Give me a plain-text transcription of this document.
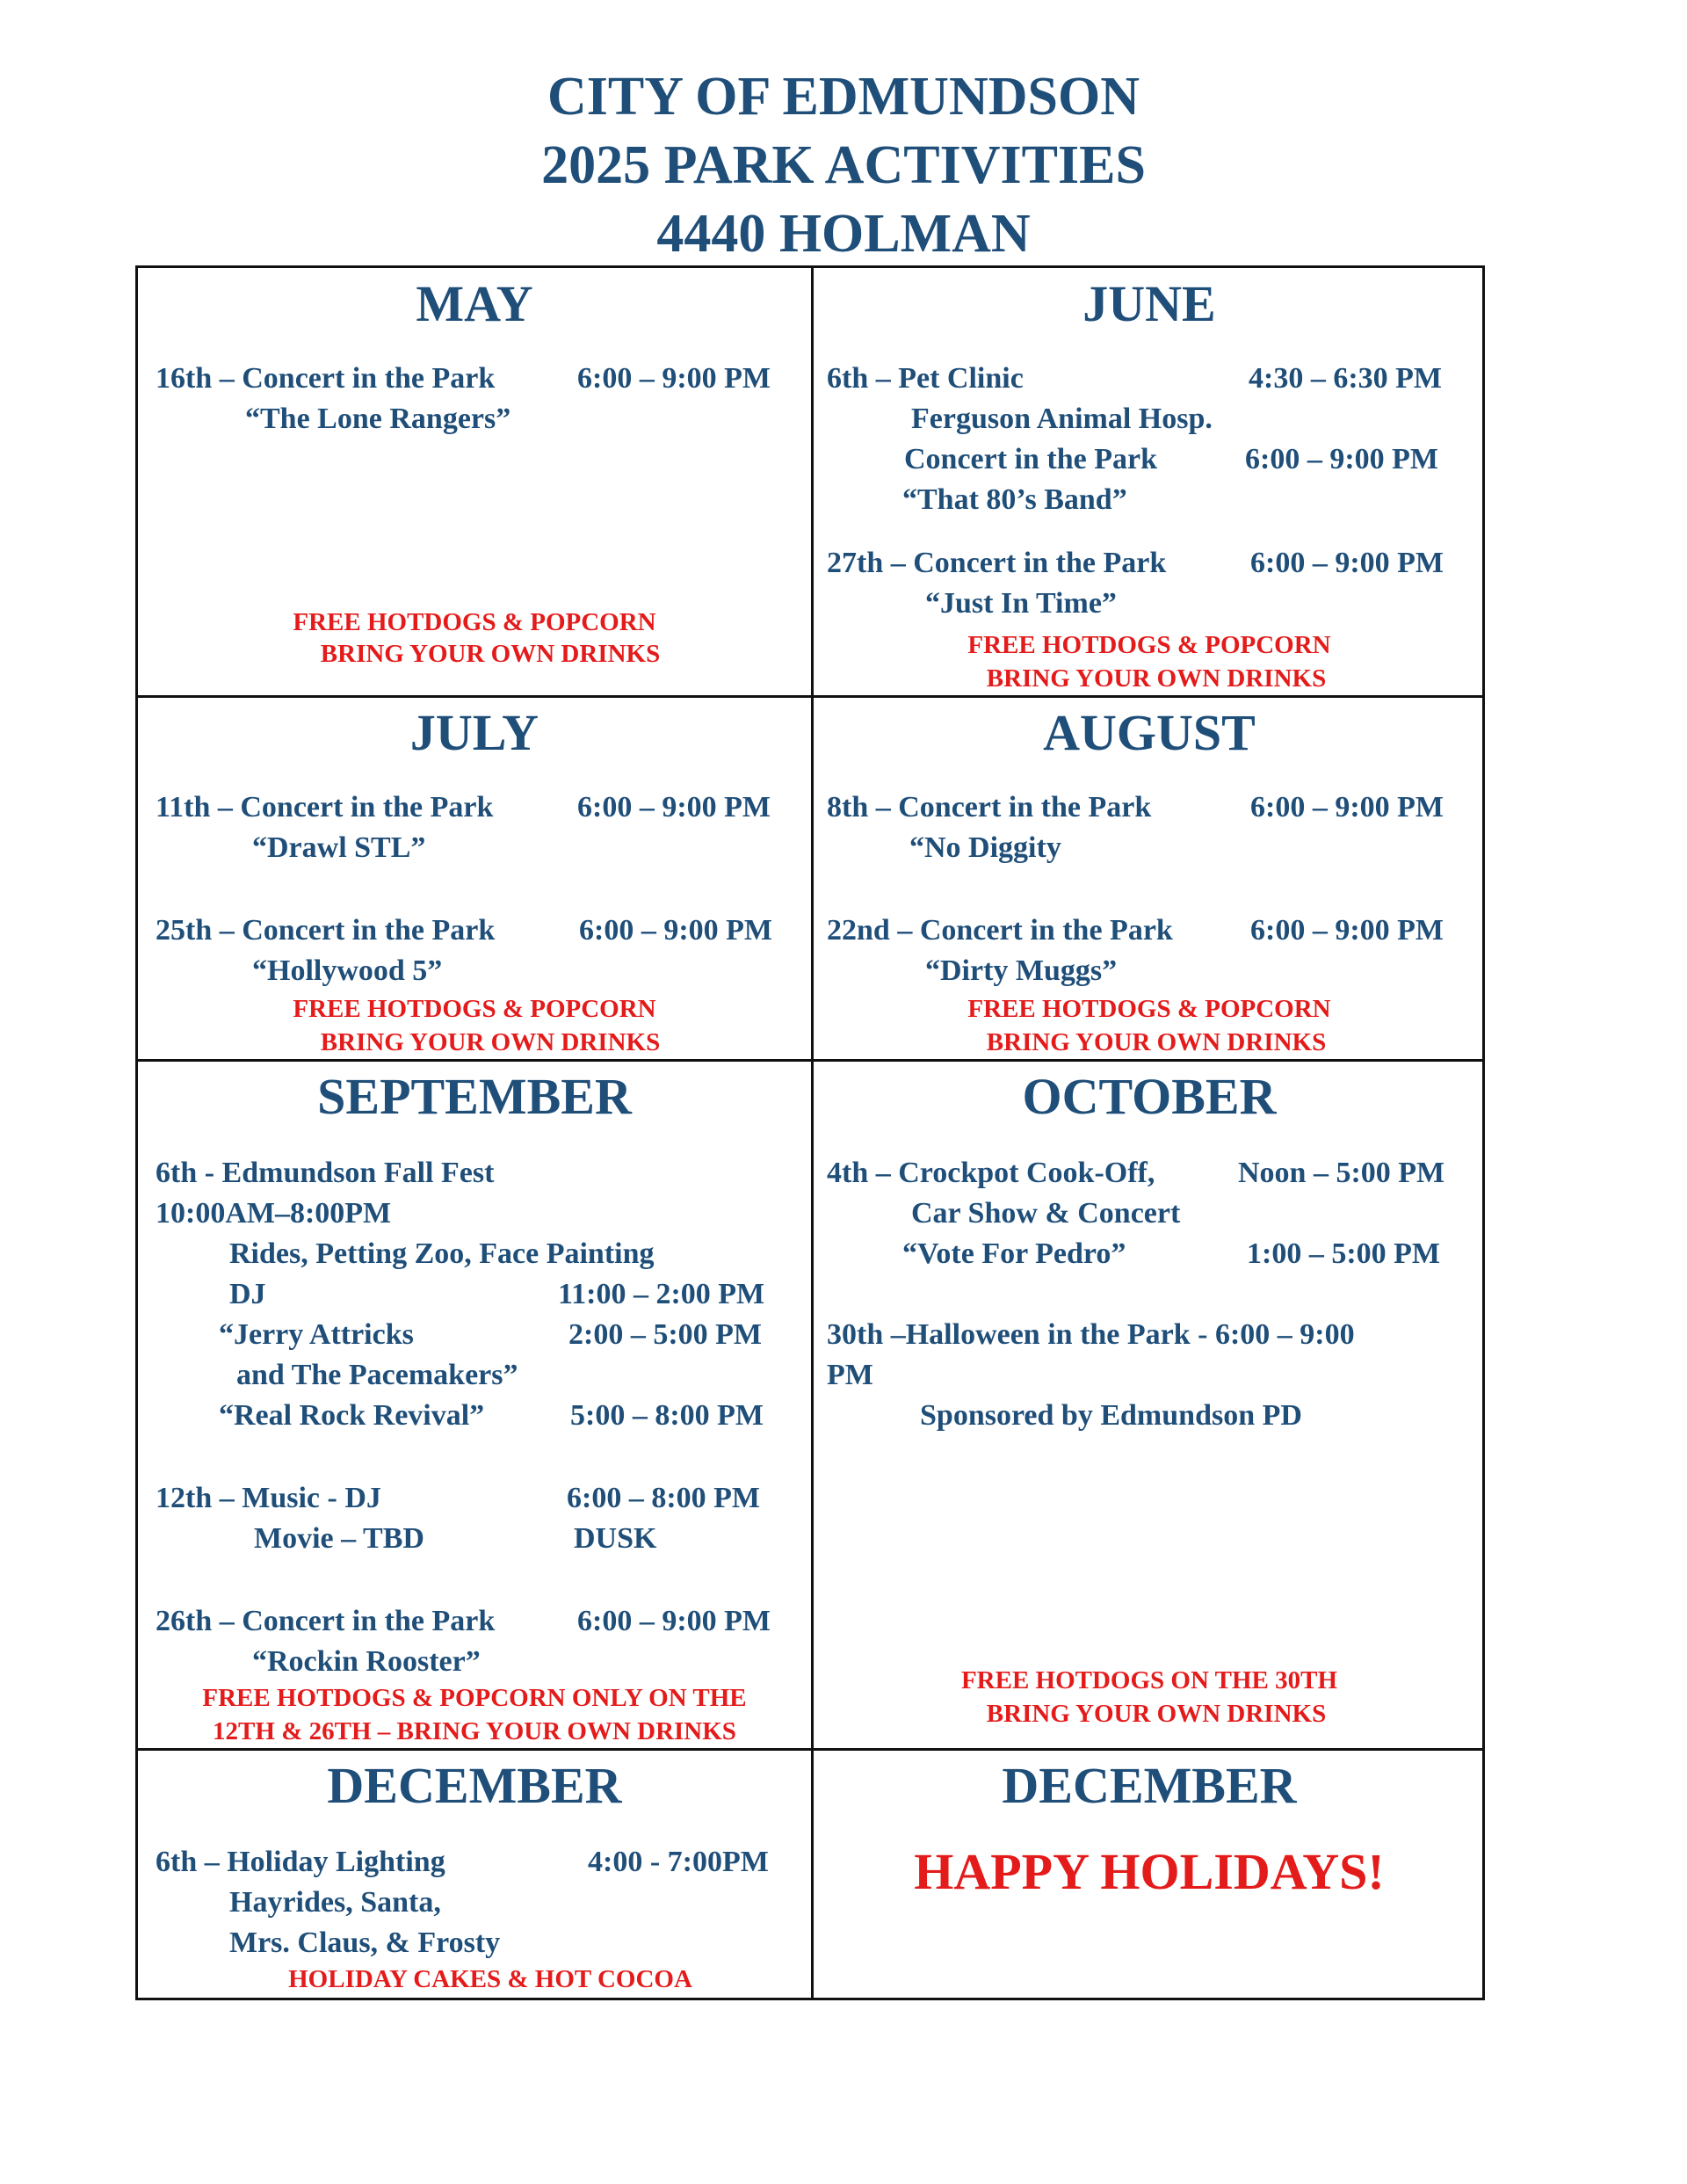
CITY OF EDMUNDSON
2025 PARK ACTIVITIES
4440 HOLMAN
MAY
16th – Concert in the Park	6:00 – 9:00 PM
“The Lone Rangers”
FREE HOTDOGS & POPCORN
BRING YOUR OWN DRINKS
JUNE
6th – Pet Clinic	4:30 – 6:30 PM
Ferguson Animal Hosp.
Concert in the Park	6:00 – 9:00 PM
“That 80’s Band”
27th – Concert in the Park	6:00 – 9:00 PM
“Just In Time”
FREE HOTDOGS & POPCORN
BRING YOUR OWN DRINKS
JULY
11th – Concert in the Park	6:00 – 9:00 PM
“Drawl STL”
25th – Concert in the Park	6:00 – 9:00 PM
“Hollywood 5”
FREE HOTDOGS & POPCORN
BRING YOUR OWN DRINKS
AUGUST
8th – Concert in the Park	6:00 – 9:00 PM
“No Diggity
22nd – Concert in the Park	6:00 – 9:00 PM
“Dirty Muggs”
FREE HOTDOGS & POPCORN
BRING YOUR OWN DRINKS
SEPTEMBER
6th - Edmundson Fall Fest
10:00AM–8:00PM
Rides, Petting Zoo, Face Painting
DJ	11:00 – 2:00 PM
“Jerry Attricks	2:00 – 5:00 PM
and The Pacemakers”
“Real Rock Revival”	5:00 – 8:00 PM
12th – Music - DJ	6:00 – 8:00 PM
Movie – TBD	DUSK
26th – Concert in the Park	6:00 – 9:00 PM
“Rockin Rooster”
FREE HOTDOGS & POPCORN ONLY ON THE
12TH & 26TH – BRING YOUR OWN DRINKS
OCTOBER
4th – Crockpot Cook-Off,	Noon – 5:00 PM
Car Show & Concert
“Vote For Pedro”	1:00 – 5:00 PM
30th –Halloween in the Park - 6:00 – 9:00
PM
Sponsored by Edmundson PD
FREE HOTDOGS ON THE 30TH
BRING YOUR OWN DRINKS
DECEMBER
6th – Holiday Lighting	4:00 - 7:00PM
Hayrides, Santa,
Mrs. Claus, & Frosty
HOLIDAY CAKES & HOT COCOA
DECEMBER
HAPPY HOLIDAYS!
